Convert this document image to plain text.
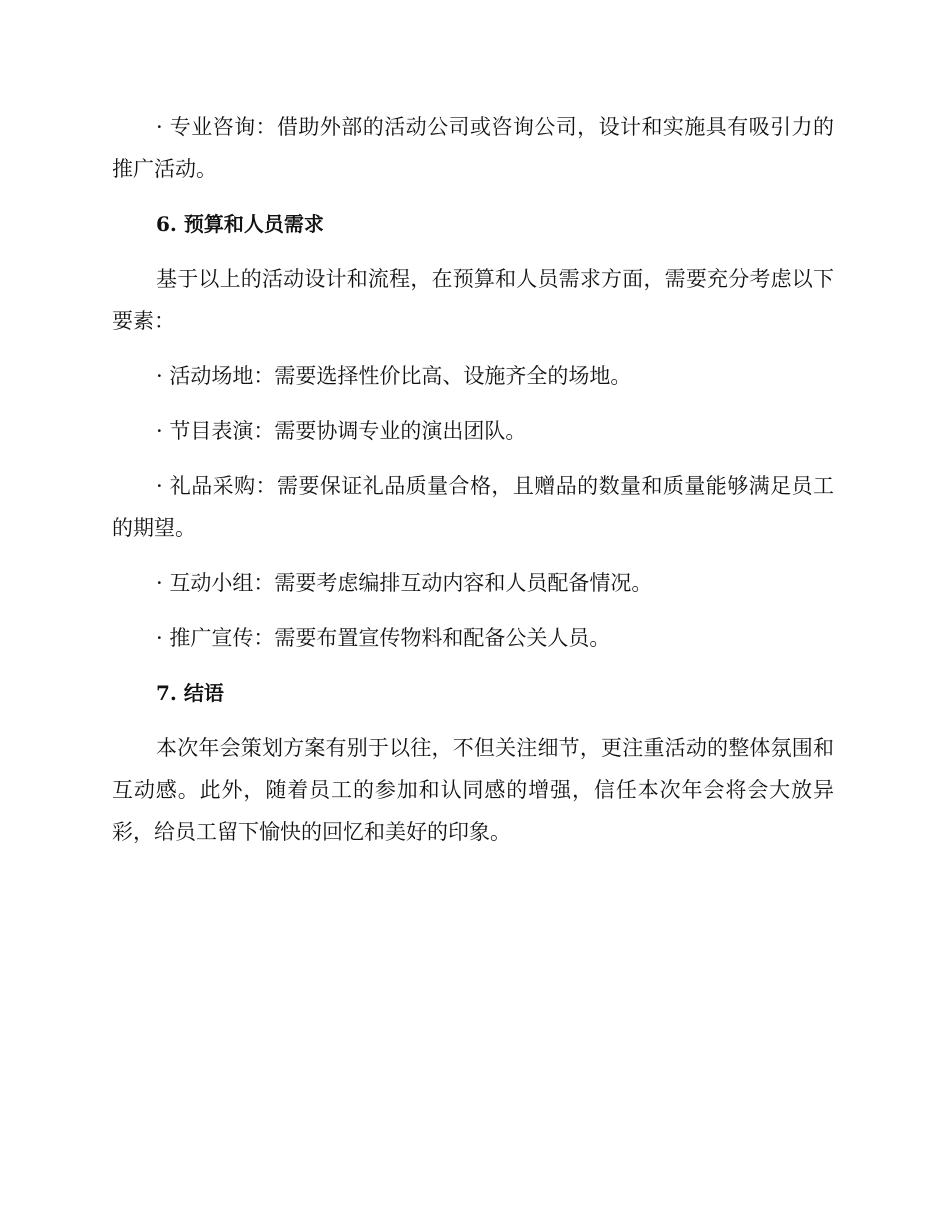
· 专业咨询：借助外部的活动公司或咨询公司，设计和实施具有吸引力的推广活动。

6. 预算和人员需求

基于以上的活动设计和流程，在预算和人员需求方面，需要充分考虑以下要素：

· 活动场地：需要选择性价比高、设施齐全的场地。

· 节目表演：需要协调专业的演出团队。

· 礼品采购：需要保证礼品质量合格，且赠品的数量和质量能够满足员工的期望。

· 互动小组：需要考虑编排互动内容和人员配备情况。

· 推广宣传：需要布置宣传物料和配备公关人员。

7. 结语

本次年会策划方案有别于以往，不但关注细节，更注重活动的整体氛围和互动感。此外，随着员工的参加和认同感的增强，信任本次年会将会大放异彩，给员工留下愉快的回忆和美好的印象。
